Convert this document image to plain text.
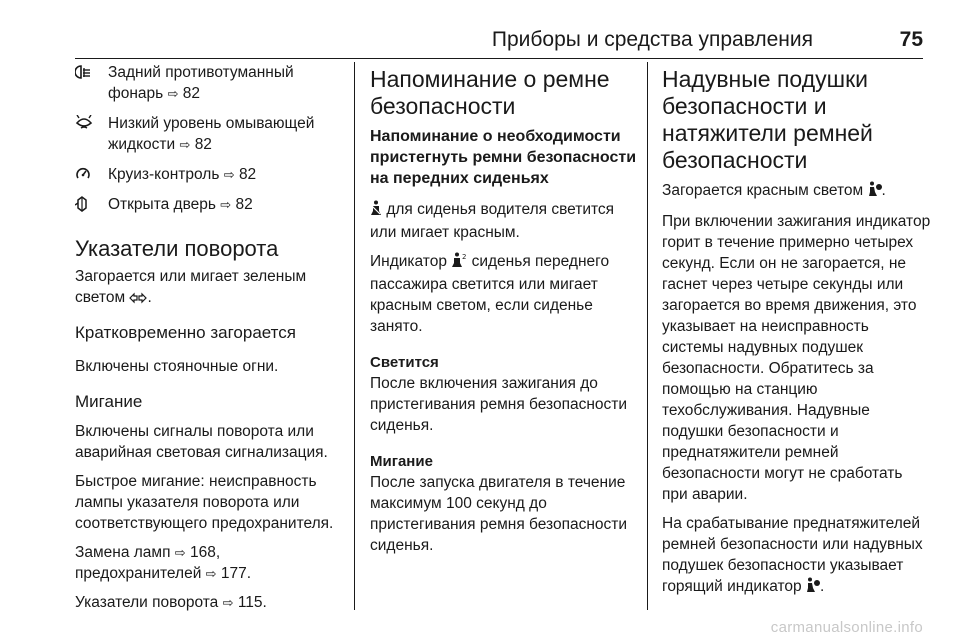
Приборы и средства управления	75
Задний противотуманный фонарь ⇨ 82
Низкий уровень омывающей жидкости ⇨ 82
Круиз-контроль ⇨ 82
Открыта дверь ⇨ 82
Указатели поворота
Загорается или мигает зеленым светом .
Кратковременно загорается
Включены стояночные огни.
Мигание
Включены сигналы поворота или аварийная световая сигнализация.
Быстрое мигание: неисправность лампы указателя поворота или соответствующего предохранителя.
Замена ламп ⇨ 168, предохранителей ⇨ 177.
Указатели поворота ⇨ 115.
Напоминание о ремне безопасности
Напоминание о необходимости пристегнуть ремни безопасности на передних сиденьях
для сиденья водителя светится или мигает красным.
Индикатор 2 сиденья переднего пассажира светится или мигает красным светом, если сиденье занято.
Светится
После включения зажигания до пристегивания ремня безопасности сиденья.
Мигание
После запуска двигателя в течение максимум 100 секунд до пристегивания ремня безопасности сиденья.
Надувные подушки безопасности и натяжители ремней безопасности
Загорается красным светом .
При включении зажигания индикатор горит в течение примерно четырех секунд. Если он не загорается, не гаснет через четыре секунды или загорается во время движения, это указывает на неисправность системы надувных подушек безопасности. Обратитесь за помощью на станцию техобслуживания. Надувные подушки безопасности и преднатяжители ремней безопасности могут не сработать при аварии.
На срабатывание преднатяжителей ремней безопасности или надувных подушек безопасности указывает горящий индикатор .
carmanualsonline.info
